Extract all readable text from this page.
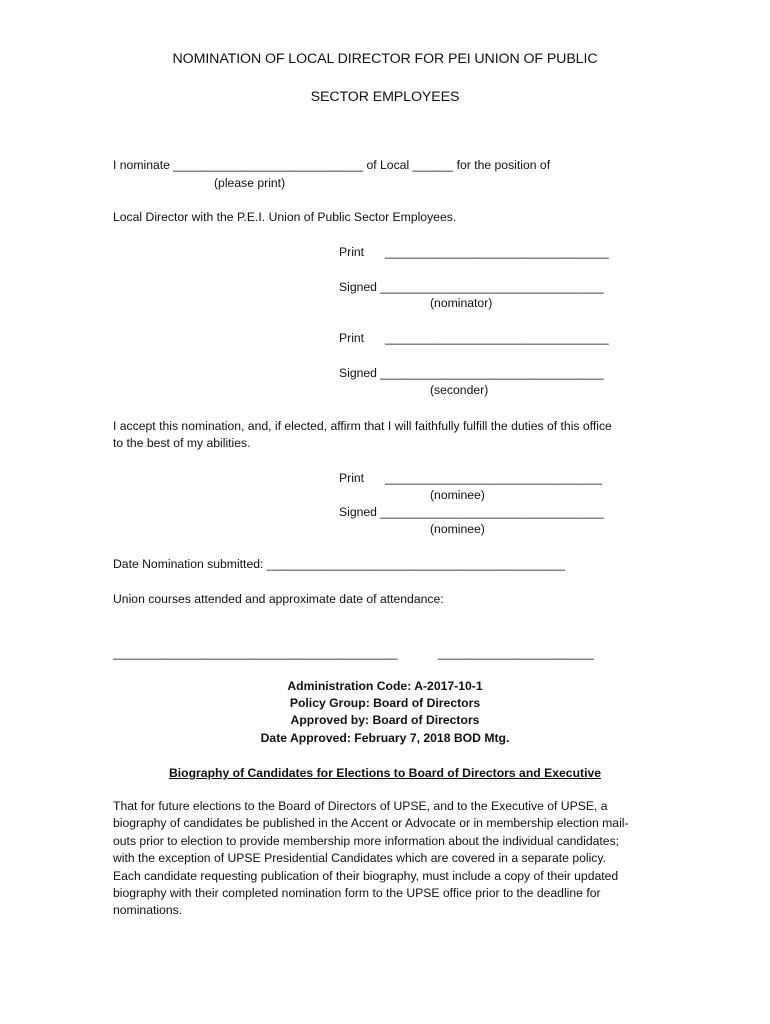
NOMINATION OF LOCAL DIRECTOR FOR PEI UNION OF PUBLIC
SECTOR EMPLOYEES
I nominate ____________________________ of Local ______ for the position of
(please print)
Local Director with the P.E.I. Union of Public Sector Employees.
Print _________________________________
Signed _________________________________
(nominator)
Print _________________________________
Signed _________________________________
(seconder)
I accept this nomination, and, if elected, affirm that I will faithfully fulfill the duties of this office
to the best of my abilities.
Print ________________________________
(nominee)
Signed _________________________________
(nominee)
Date Nomination submitted: ____________________________________________
Union courses attended and approximate date of attendance:
__________________________________________	_______________________
Administration Code: A-2017-10-1
Policy Group: Board of Directors
Approved by: Board of Directors
Date Approved: February 7, 2018 BOD Mtg.
Biography of Candidates for Elections to Board of Directors and Executive
That for future elections to the Board of Directors of UPSE, and to the Executive of UPSE, a
biography of candidates be published in the Accent or Advocate or in membership election mail-
outs prior to election to provide membership more information about the individual candidates;
with the exception of UPSE Presidential Candidates which are covered in a separate policy.
Each candidate requesting publication of their biography, must include a copy of their updated
biography with their completed nomination form to the UPSE office prior to the deadline for
nominations.
